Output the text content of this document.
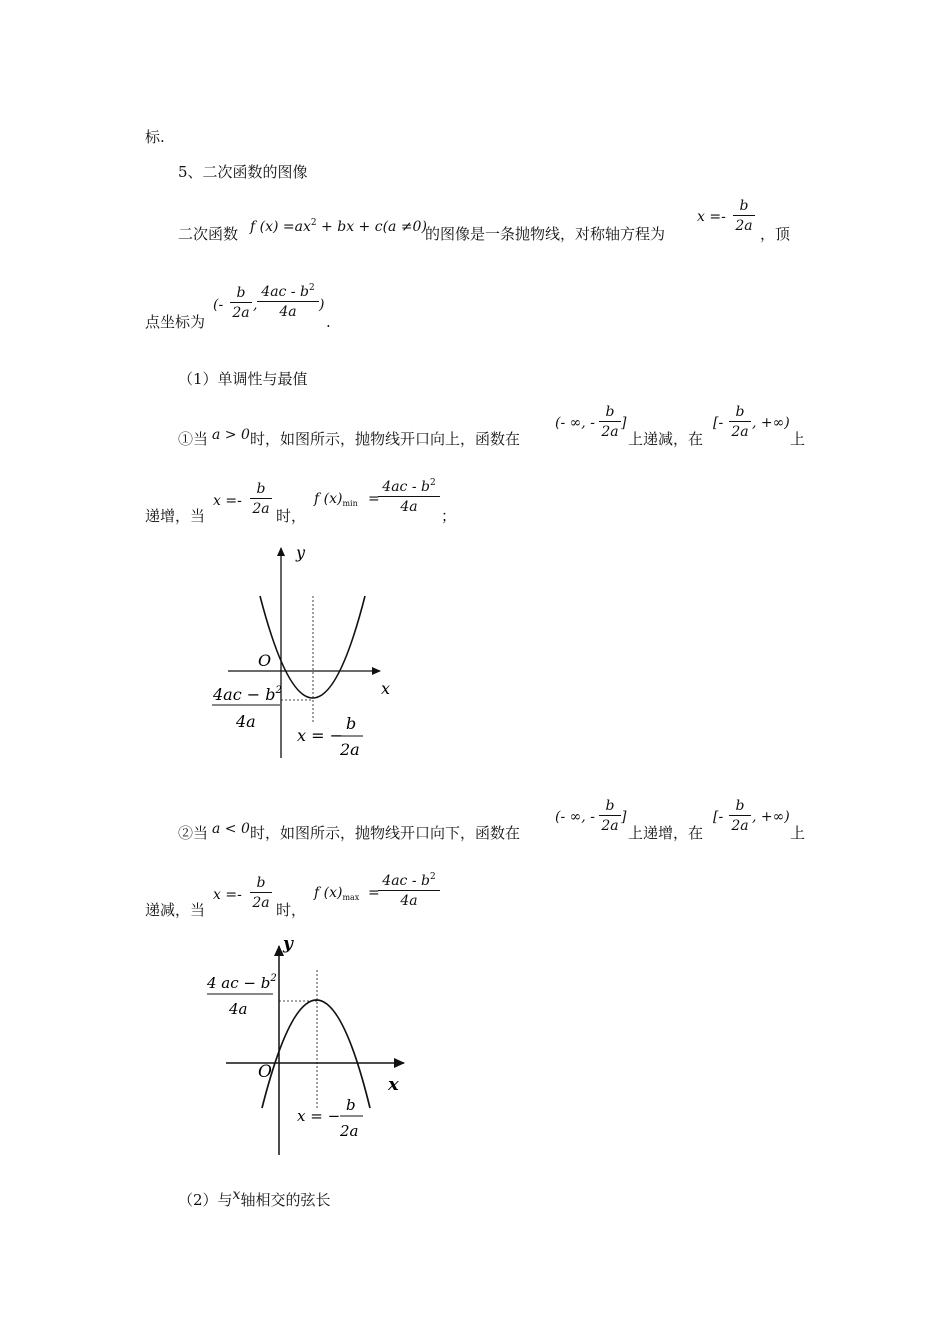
标.
5、二次函数的图像
二次函数 f $(x) =ax^2$ + bx + c(a ≠0)
的图像是一条抛物线，对称轴方程为
$x =- \frac{b}{2a}$
，顶
点坐标为
(- $\frac{b}{2a}$ , $\frac{4ac - b^2}{4a}$ )
.
（1）单调性与最值
①当 a > 0 时，如图所示，抛物线开口向上，函数在
(- ∞, - $\frac{b}{2a}$ ]
上递减，在
[- $\frac{b}{2a}$ , +∞)
上
递增，当
$x =- \frac{b}{2a}$ 时，
f $(x)_{min}$ =
$\frac{4ac - b^2}{4a}$
；
y
x
O
$4ac - b^2$
4a
x = −
b
2a
②当 a < 0 时，如图所示，抛物线开口向下，函数在
(- ∞, - $\frac{b}{2a}$ ]
上递增，在
[- $\frac{b}{2a}$ , +∞)
上
递减，当
$x =- \frac{b}{2a}$ 时，
f $(x)_{max}$ =
$\frac{4ac - b^2}{4a}$
y
x
O
4 ac − $b^2$
4a
x = −
b
2a
（2）与x轴相交的弦长
